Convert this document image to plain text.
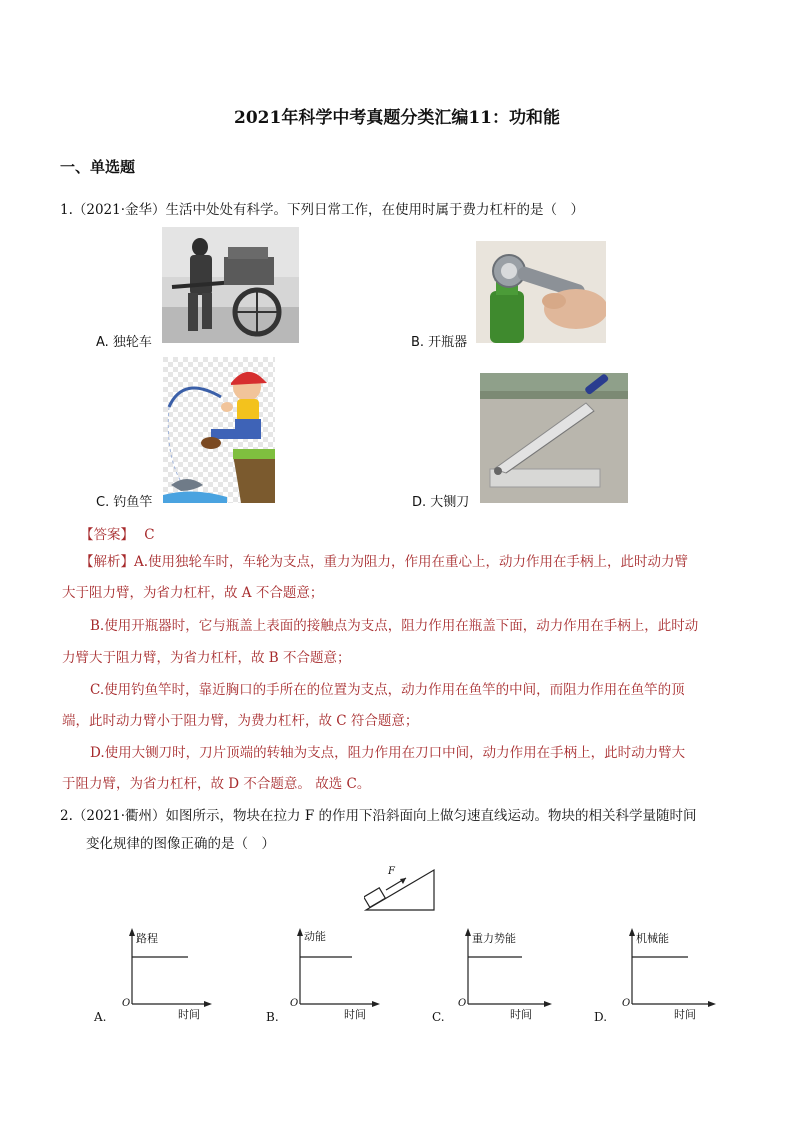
2021年科学中考真题分类汇编11：功和能
一、单选题
1.（2021·金华）生活中处处有科学。下列日常工作，在使用时属于费力杠杆的是（　）
A. 独轮车	B. 开瓶器
C. 钓鱼竿	D. 大铡刀
【答案】 C
【解析】A.使用独轮车时，车轮为支点，重力为阻力，作用在重心上，动力作用在手柄上，此时动力臂
大于阻力臂，为省力杠杆，故 A 不合题意；
B.使用开瓶器时，它与瓶盖上表面的接触点为支点，阻力作用在瓶盖下面，动力作用在手柄上，此时动
力臂大于阻力臂，为省力杠杆，故 B 不合题意；
C.使用钓鱼竿时，靠近胸口的手所在的位置为支点，动力作用在鱼竿的中间，而阻力作用在鱼竿的顶
端，此时动力臂小于阻力臂，为费力杠杆，故 C 符合题意；
D.使用大铡刀时，刀片顶端的转轴为支点，阻力作用在刀口中间，动力作用在手柄上，此时动力臂大
于阻力臂，为省力杠杆，故 D 不合题意。 故选 C。
2.（2021·衢州）如图所示，物块在拉力 F 的作用下沿斜面向上做匀速直线运动。物块的相关科学量随时间
变化规律的图像正确的是（　）
F
路程
O
时间
A.
动能
O
时间
B.
重力势能
O
时间
C.
机械能
O
时间
D.
